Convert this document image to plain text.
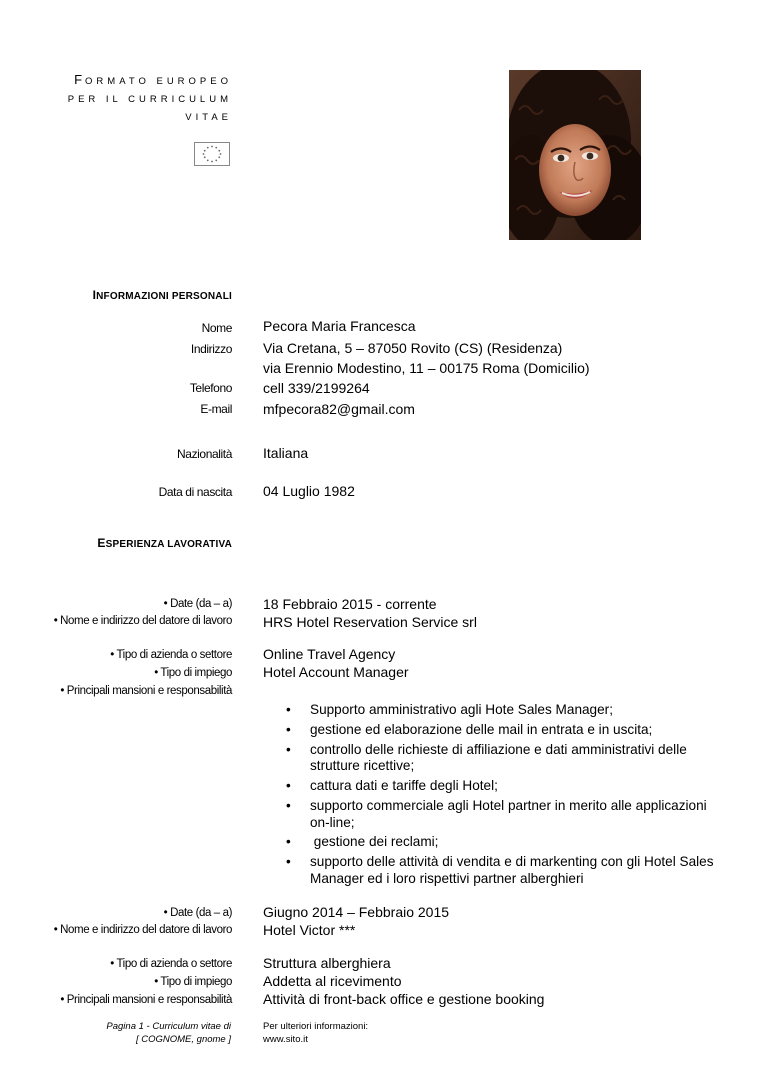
FORMATO EUROPEO
PER IL CURRICULUM
VITAE
INFORMAZIONI PERSONALI
Nome Pecora Maria Francesca
Indirizzo Via Cretana, 5 – 87050 Rovito (CS) (Residenza)
via Erennio Modestino, 11 – 00175 Roma (Domicilio)
Telefono cell 339/2199264
E-mail mfpecora82@gmail.com
Nazionalità Italiana
Data di nascita 04 Luglio 1982
ESPERIENZA LAVORATIVA
• Date (da – a) 18 Febbraio 2015 - corrente
• Nome e indirizzo del datore di lavoro HRS Hotel Reservation Service srl
• Tipo di azienda o settore Online Travel Agency
• Tipo di impiego Hotel Account Manager
• Principali mansioni e responsabilità
• Supporto amministrativo agli Hote Sales Manager;
• gestione ed elaborazione delle mail in entrata e in uscita;
• controllo delle richieste di affiliazione e dati amministrativi delle strutture ricettive;
• cattura dati e tariffe degli Hotel;
• supporto commerciale agli Hotel partner in merito alle applicazioni on-line;
•  gestione dei reclami;
• supporto delle attività di vendita e di markenting con gli Hotel Sales Manager ed i loro rispettivi partner alberghieri
• Date (da – a) Giugno 2014 – Febbraio 2015
• Nome e indirizzo del datore di lavoro Hotel Victor ***
• Tipo di azienda o settore Struttura alberghiera
• Tipo di impiego Addetta al ricevimento
• Principali mansioni e responsabilità Attività di front-back office e gestione booking
Pagina 1 - Curriculum vitae di
[ COGNOME, gnome ]
Per ulteriori informazioni:
www.sito.it
